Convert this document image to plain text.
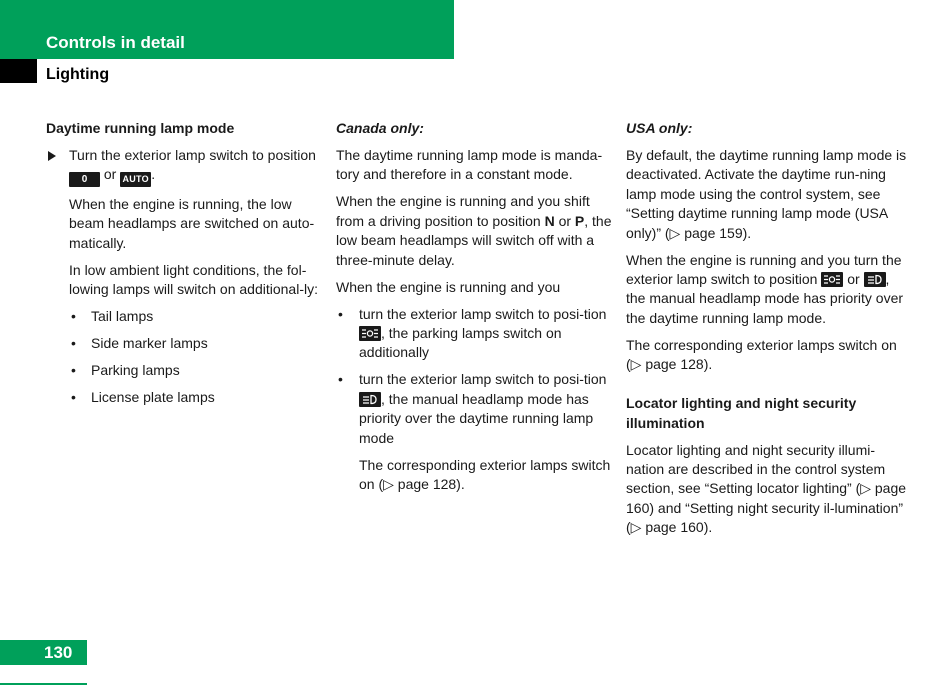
Controls in detail
Lighting

Daytime running lamp mode

Turn the exterior lamp switch to position 0 or AUTO .

When the engine is running, the low beam headlamps are switched on auto-matically.

In low ambient light conditions, the fol-lowing lamps will switch on additional-ly:

• Tail lamps
• Side marker lamps
• Parking lamps
• License plate lamps

Canada only:

The daytime running lamp mode is manda-tory and therefore in a constant mode.

When the engine is running and you shift from a driving position to position N or P, the low beam headlamps will switch off with a three-minute delay.

When the engine is running and you

• turn the exterior lamp switch to posi-tion
, the parking lamps switch on additionally
• turn the exterior lamp switch to posi-tion
, the manual headlamp mode has priority over the daytime running lamp mode

The corresponding exterior lamps switch on (▷ page 128).

USA only:

By default, the daytime running lamp mode is deactivated. Activate the daytime run-ning lamp mode using the control system, see “Setting daytime running lamp mode (USA only)” (▷ page 159).

When the engine is running and you turn the exterior lamp switch to position or , the manual headlamp mode has priority over the daytime running lamp mode.

The corresponding exterior lamps switch on (▷ page 128).

Locator lighting and night security illumination

Locator lighting and night security illumi-nation are described in the control system section, see “Setting locator lighting” (▷ page 160) and “Setting night security il-lumination” (▷ page 160).

130
